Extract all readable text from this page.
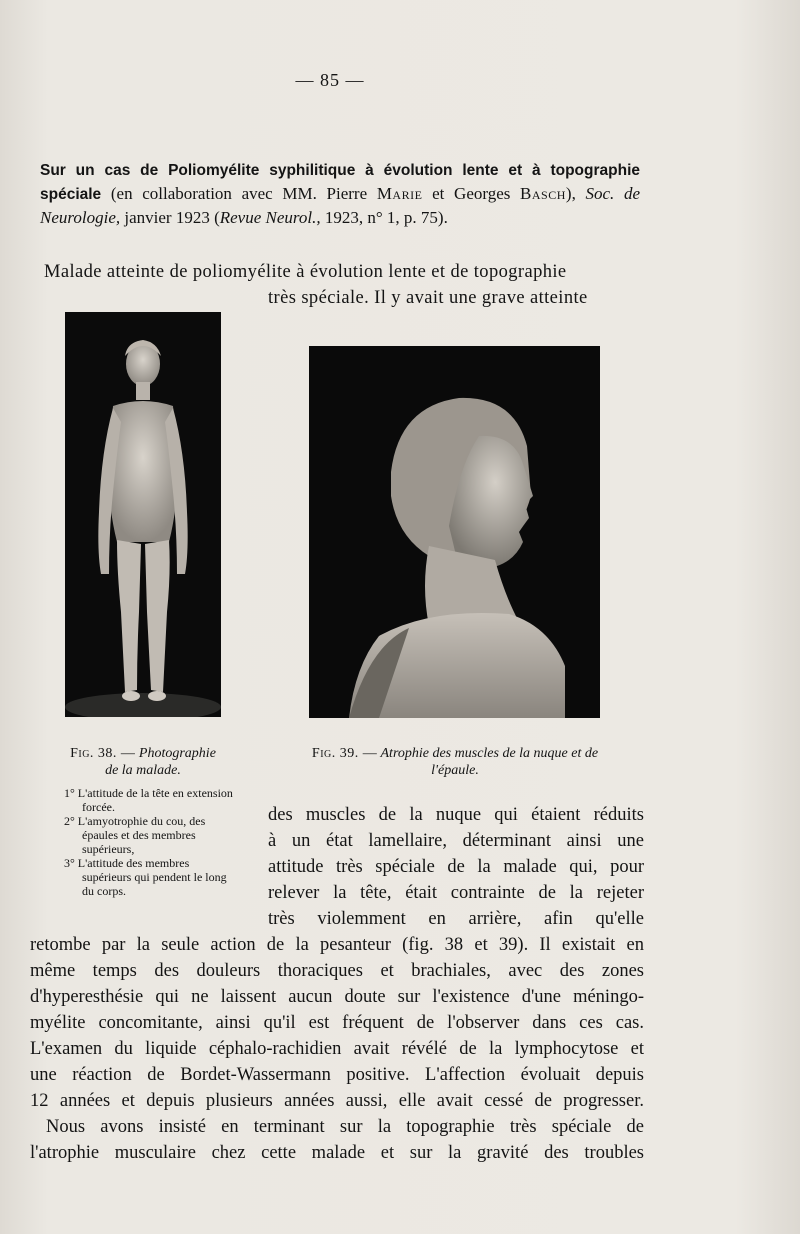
— 85 —
Sur un cas de Poliomyélite syphilitique à évolution lente et à topographie spéciale (en collaboration avec MM. Pierre Marie et Georges Basch), Soc. de Neurologie, janvier 1923 (Revue Neurol., 1923, n° 1, p. 75).
Malade atteinte de poliomyélite à évolution lente et de topographie
très spéciale. Il y avait une grave atteinte
Fig. 38. — Photographie de la malade.
Fig. 39. — Atrophie des muscles de la nuque et de l'épaule.

1° L'attitude de la tête en extension forcée.

2° L'amyotrophie du cou, des épaules et des membres supérieurs,

3° L'attitude des membres supérieurs qui pendent le long du corps.

des muscles de la nuque qui étaient réduits
à un état lamellaire, déterminant ainsi une
attitude très spéciale de la malade qui, pour
relever la tête, était contrainte de la rejeter
très violemment en arrière, afin qu'elle
retombe par la seule action de la pesanteur (fig. 38 et 39). Il existait en
même temps des douleurs thoraciques et brachiales, avec des zones
d'hyperesthésie qui ne laissent aucun doute sur l'existence d'une méningo-
myélite concomitante, ainsi qu'il est fréquent de l'observer dans ces cas.
L'examen du liquide céphalo-rachidien avait révélé de la lymphocytose et
une réaction de Bordet-Wassermann positive. L'affection évoluait depuis
12 années et depuis plusieurs années aussi, elle avait cessé de progresser.
Nous avons insisté en terminant sur la topographie très spéciale de
l'atrophie musculaire chez cette malade et sur la gravité des troubles
